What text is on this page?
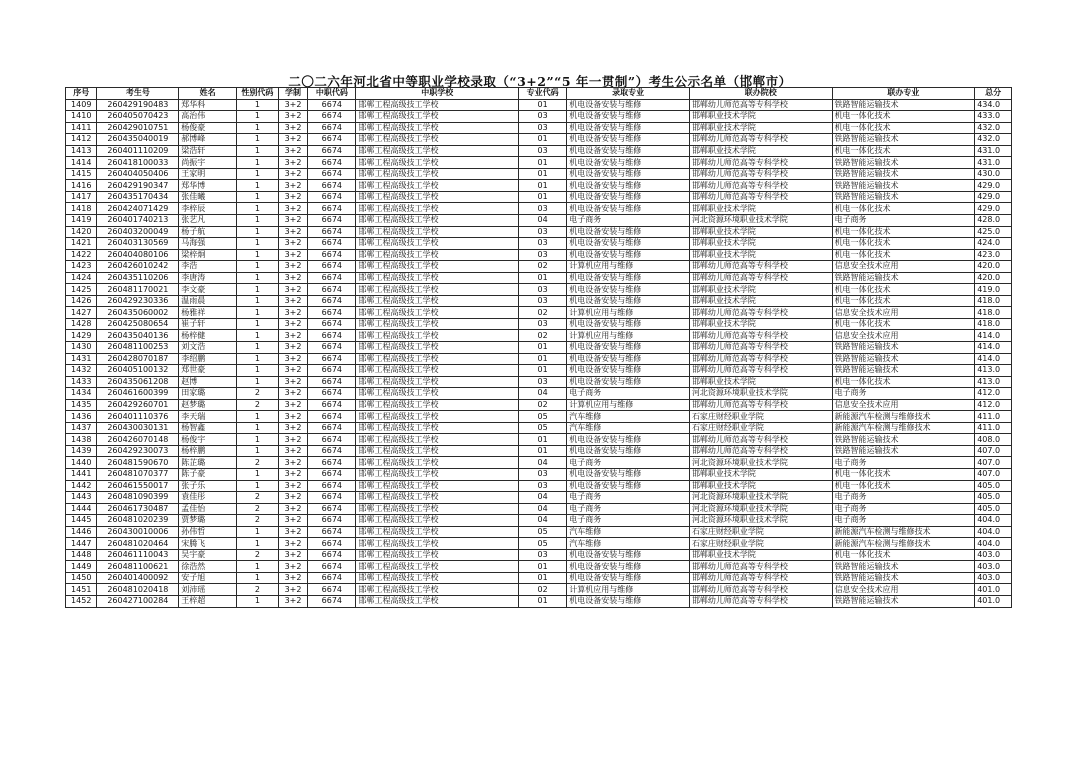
二〇二六年河北省中等职业学校录取（“3+2”“5 年一贯制”）考生公示名单（邯郸市）
序号	考生号	姓名	性别代码	学制	中职代码	中职学校	专业代码	录取专业	联办院校	联办专业	总分
1409	260429190483	郑华科	1	3+2	6674	邯郸工程高级技工学校	01	机电设备安装与维修	邯郸幼儿师范高等专科学校	铁路智能运输技术	434.0
1410	260405070423	高治伟	1	3+2	6674	邯郸工程高级技工学校	03	机电设备安装与维修	邯郸职业技术学院	机电一体化技术	433.0
1411	260429010751	杨俊豪	1	3+2	6674	邯郸工程高级技工学校	03	机电设备安装与维修	邯郸职业技术学院	机电一体化技术	432.0
1412	260435040019	郝博峰	1	3+2	6674	邯郸工程高级技工学校	01	机电设备安装与维修	邯郸幼儿师范高等专科学校	铁路智能运输技术	432.0
1413	260401110209	梁浩轩	1	3+2	6674	邯郸工程高级技工学校	03	机电设备安装与维修	邯郸职业技术学院	机电一体化技术	431.0
1414	260418100033	尚振宇	1	3+2	6674	邯郸工程高级技工学校	01	机电设备安装与维修	邯郸幼儿师范高等专科学校	铁路智能运输技术	431.0
1415	260404050406	王家明	1	3+2	6674	邯郸工程高级技工学校	01	机电设备安装与维修	邯郸幼儿师范高等专科学校	铁路智能运输技术	430.0
1416	260429190347	郑华博	1	3+2	6674	邯郸工程高级技工学校	01	机电设备安装与维修	邯郸幼儿师范高等专科学校	铁路智能运输技术	429.0
1417	260435170434	张佳曦	1	3+2	6674	邯郸工程高级技工学校	01	机电设备安装与维修	邯郸幼儿师范高等专科学校	铁路智能运输技术	429.0
1418	260424071429	李梓辰	1	3+2	6674	邯郸工程高级技工学校	03	机电设备安装与维修	邯郸职业技术学院	机电一体化技术	429.0
1419	260401740213	张艺凡	1	3+2	6674	邯郸工程高级技工学校	04	电子商务	河北资源环境职业技术学院	电子商务	428.0
1420	260403200049	杨子航	1	3+2	6674	邯郸工程高级技工学校	03	机电设备安装与维修	邯郸职业技术学院	机电一体化技术	425.0
1421	260403130569	马海强	1	3+2	6674	邯郸工程高级技工学校	03	机电设备安装与维修	邯郸职业技术学院	机电一体化技术	424.0
1422	260404080106	梁梓炯	1	3+2	6674	邯郸工程高级技工学校	03	机电设备安装与维修	邯郸职业技术学院	机电一体化技术	423.0
1423	260426010242	李浩	1	3+2	6674	邯郸工程高级技工学校	02	计算机应用与维修	邯郸幼儿师范高等专科学校	信息安全技术应用	420.0
1424	260435110206	李唐涛	1	3+2	6674	邯郸工程高级技工学校	01	机电设备安装与维修	邯郸幼儿师范高等专科学校	铁路智能运输技术	420.0
1425	260481170021	李文豪	1	3+2	6674	邯郸工程高级技工学校	03	机电设备安装与维修	邯郸职业技术学院	机电一体化技术	419.0
1426	260429230336	温雨晨	1	3+2	6674	邯郸工程高级技工学校	03	机电设备安装与维修	邯郸职业技术学院	机电一体化技术	418.0
1427	260435060002	杨雅祥	1	3+2	6674	邯郸工程高级技工学校	02	计算机应用与维修	邯郸幼儿师范高等专科学校	信息安全技术应用	418.0
1428	260425080654	崔子轩	1	3+2	6674	邯郸工程高级技工学校	03	机电设备安装与维修	邯郸职业技术学院	机电一体化技术	418.0
1429	260435040136	杨梓健	1	3+2	6674	邯郸工程高级技工学校	02	计算机应用与维修	邯郸幼儿师范高等专科学校	信息安全技术应用	414.0
1430	260481100253	刘文浩	1	3+2	6674	邯郸工程高级技工学校	01	机电设备安装与维修	邯郸幼儿师范高等专科学校	铁路智能运输技术	414.0
1431	260428070187	李绍鹏	1	3+2	6674	邯郸工程高级技工学校	01	机电设备安装与维修	邯郸幼儿师范高等专科学校	铁路智能运输技术	414.0
1432	260405100132	郑世豪	1	3+2	6674	邯郸工程高级技工学校	01	机电设备安装与维修	邯郸幼儿师范高等专科学校	铁路智能运输技术	413.0
1433	260435061208	赵博	1	3+2	6674	邯郸工程高级技工学校	03	机电设备安装与维修	邯郸职业技术学院	机电一体化技术	413.0
1434	260461600399	田家璐	2	3+2	6674	邯郸工程高级技工学校	04	电子商务	河北资源环境职业技术学院	电子商务	412.0
1435	260429260701	赵梦璐	2	3+2	6674	邯郸工程高级技工学校	02	计算机应用与维修	邯郸幼儿师范高等专科学校	信息安全技术应用	412.0
1436	260401110376	李天瑞	1	3+2	6674	邯郸工程高级技工学校	05	汽车维修	石家庄财经职业学院	新能源汽车检测与维修技术	411.0
1437	260430030131	杨智鑫	1	3+2	6674	邯郸工程高级技工学校	05	汽车维修	石家庄财经职业学院	新能源汽车检测与维修技术	411.0
1438	260426070148	杨俊宇	1	3+2	6674	邯郸工程高级技工学校	01	机电设备安装与维修	邯郸幼儿师范高等专科学校	铁路智能运输技术	408.0
1439	260429230073	杨梓鹏	1	3+2	6674	邯郸工程高级技工学校	01	机电设备安装与维修	邯郸幼儿师范高等专科学校	铁路智能运输技术	407.0
1440	260481590670	陈芷璐	2	3+2	6674	邯郸工程高级技工学校	04	电子商务	河北资源环境职业技术学院	电子商务	407.0
1441	260481070377	陈子豪	1	3+2	6674	邯郸工程高级技工学校	03	机电设备安装与维修	邯郸职业技术学院	机电一体化技术	407.0
1442	260461550017	张子乐	1	3+2	6674	邯郸工程高级技工学校	03	机电设备安装与维修	邯郸职业技术学院	机电一体化技术	405.0
1443	260481090399	袁佳彤	2	3+2	6674	邯郸工程高级技工学校	04	电子商务	河北资源环境职业技术学院	电子商务	405.0
1444	260461730487	孟佳怡	2	3+2	6674	邯郸工程高级技工学校	04	电子商务	河北资源环境职业技术学院	电子商务	405.0
1445	260481020239	贾梦璐	2	3+2	6674	邯郸工程高级技工学校	04	电子商务	河北资源环境职业技术学院	电子商务	404.0
1446	260430010006	孙伟哲	1	3+2	6674	邯郸工程高级技工学校	05	汽车维修	石家庄财经职业学院	新能源汽车检测与维修技术	404.0
1447	260481020464	宋腾飞	1	3+2	6674	邯郸工程高级技工学校	05	汽车维修	石家庄财经职业学院	新能源汽车检测与维修技术	404.0
1448	260461110043	吴宇豪	2	3+2	6674	邯郸工程高级技工学校	03	机电设备安装与维修	邯郸职业技术学院	机电一体化技术	403.0
1449	260481100621	徐浩然	1	3+2	6674	邯郸工程高级技工学校	01	机电设备安装与维修	邯郸幼儿师范高等专科学校	铁路智能运输技术	403.0
1450	260401400092	安子旭	1	3+2	6674	邯郸工程高级技工学校	01	机电设备安装与维修	邯郸幼儿师范高等专科学校	铁路智能运输技术	403.0
1451	260481020418	刘沛瑶	2	3+2	6674	邯郸工程高级技工学校	02	计算机应用与维修	邯郸幼儿师范高等专科学校	信息安全技术应用	401.0
1452	260427100284	王梓超	1	3+2	6674	邯郸工程高级技工学校	01	机电设备安装与维修	邯郸幼儿师范高等专科学校	铁路智能运输技术	401.0
